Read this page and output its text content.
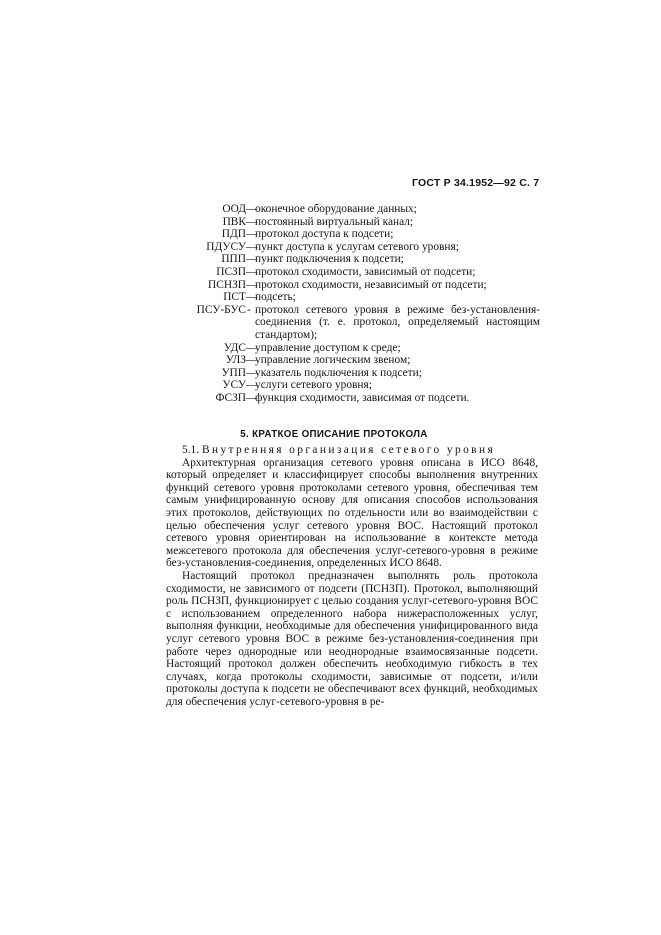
ГОСТ Р 34.1952—92 С. 7
ООД —
оконечное оборудование данных;
ПВК —
постоянный виртуальный канал;
ПДП —
протокол доступа к подсети;
ПДУСУ —
пункт доступа к услугам сетевого уровня;
ППП —
пункт подключения к подсети;
ПСЗП —
протокол сходимости, зависимый от подсети;
ПСНЗП —
протокол сходимости, независимый от подсети;
ПСТ —
подсеть;
ПСУ-БУС - протокол сетевого уровня в режиме без-установления-соединения (т. е. протокол, определяемый настоящим стандартом);
УДС —
управление доступом к среде;
УЛЗ —
управление логическим звеном;
УПП —
указатель подключения к подсети;
УСУ —
услуги сетевого уровня;
ФСЗП —
функция сходимости, зависимая от подсети.
5. КРАТКОЕ ОПИСАНИЕ ПРОТОКОЛА

5.1. Внутренняя организация сетевого уровня

Архитектурная организация сетевого уровня описана в ИСО 8648, который определяет и классифицирует способы выполнения внутренних функций сетевого уровня протоколами сетевого уровня, обеспечивая тем самым унифицированную основу для описания способов использования этих протоколов, действующих по отдельности или во взаимодействии с целью обеспечения услуг сетевого уровня ВОС. Настоящий протокол сетевого уровня ориентирован на использование в контексте метода межсетевого протокола для обеспечения услуг-сетевого-уровня в режиме без-установления-соединения, определенных ИСО 8648.

Настоящий протокол предназначен выполнять роль протокола сходимости, не зависимого от подсети (ПСНЗП). Протокол, выполняющий роль ПСНЗП, функционирует с целью создания услуг-сетевого-уровня ВОС с использованием определенного набора нижерасположенных услуг, выполняя функции, необходимые для обеспечения унифицированного вида услуг сетевого уровня ВОС в режиме без-установления-соединения при работе через однородные или неоднородные взаимосвязанные подсети. Настоящий протокол должен обеспечить необходимую гибкость в тех случаях, когда протоколы сходимости, зависимые от подсети, и/или протоколы доступа к подсети не обеспечивают всех функций, необходимых для обеспечения услуг-сетевого-уровня в ре-
